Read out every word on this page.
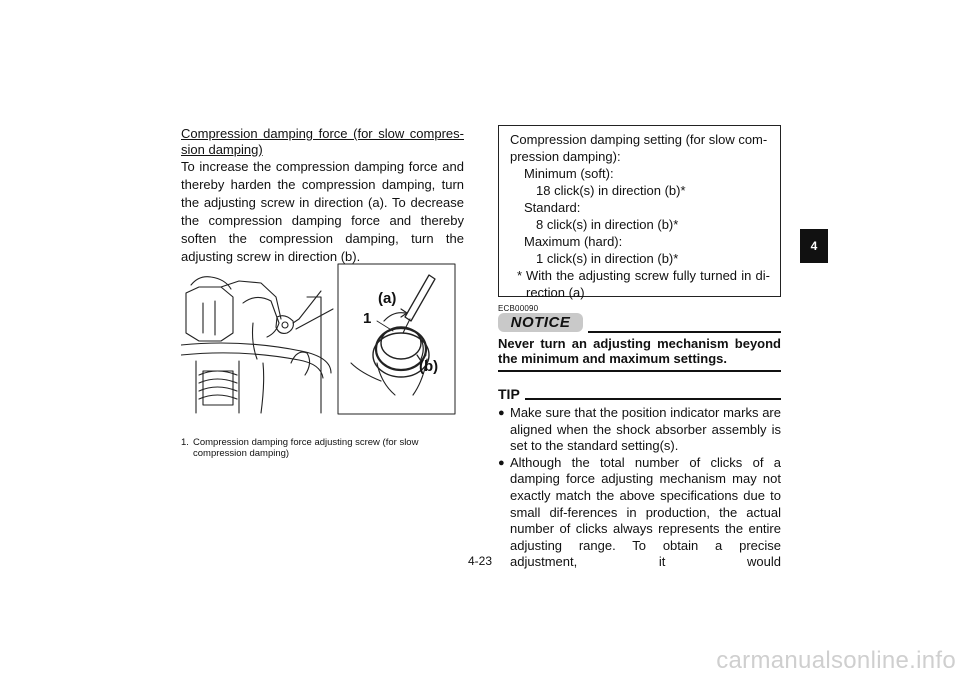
Compression damping force (for slow compres-sion damping)

To increase the compression damping force and thereby harden the compression damping, turn the adjusting screw in direction (a). To decrease the compression damping force and thereby soften the compression damping, turn the adjusting screw in direction (b).

(a)
1
(b)
1. Compression damping force adjusting screw (for slow compression damping)
Compression damping setting (for slow com-
pression damping):
Minimum (soft):
18 click(s) in direction (b)*
Standard:
8 click(s) in direction (b)*
Maximum (hard):
1 click(s) in direction (b)*
* With the adjusting screw fully turned in di-rection (a)
ECB00090
NOTICE
Never turn an adjusting mechanism beyond the minimum and maximum settings.
TIP
● Make sure that the position indicator marks are aligned when the shock absorber assembly is set to the standard setting(s).
● Although the total number of clicks of a damping force adjusting mechanism may not exactly match the above specifications due to small dif-ferences in production, the actual number of clicks always represents the entire adjusting range. To obtain a precise adjustment, it would
4-23
4
carmanualsonline.info
